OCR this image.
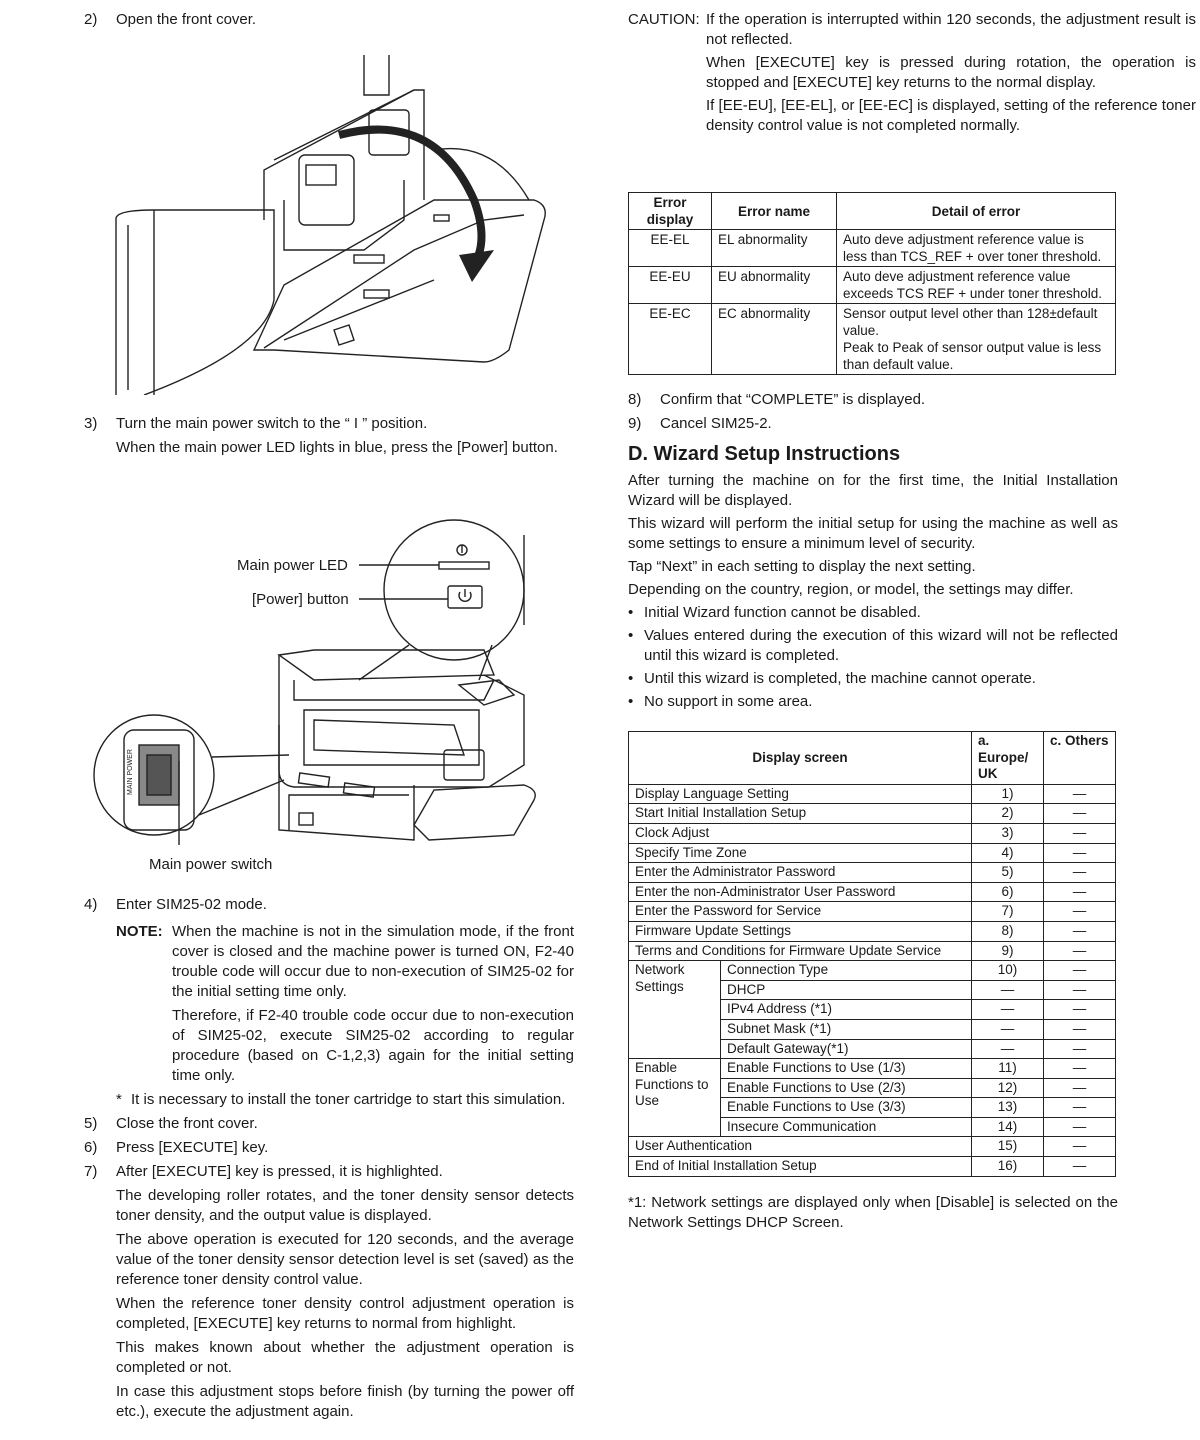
2) Open the front cover.
3) Turn the main power switch to the “ I ” position.
When the main power LED lights in blue, press the [Power] button.
MAIN POWER
Main power LED
[Power] button
Main power switch
4) Enter SIM25-02 mode.
NOTE: When the machine is not in the simulation mode, if the front cover is closed and the machine power is turned ON, F2-40 trouble code will occur due to non-execution of SIM25-02 for the initial setting time only.
Therefore, if F2-40 trouble code occur due to non-execution of SIM25-02, execute SIM25-02 according to regular procedure (based on C-1,2,3) again for the initial setting time only.
* It is necessary to install the toner cartridge to start this simulation.
5) Close the front cover.
6) Press [EXECUTE] key.
7) After [EXECUTE] key is pressed, it is highlighted.
The developing roller rotates, and the toner density sensor detects toner density, and the output value is displayed.
The above operation is executed for 120 seconds, and the average value of the toner density sensor detection level is set (saved) as the reference toner density control value.
When the reference toner density control adjustment operation is completed, [EXECUTE] key returns to normal from highlight.
This makes known about whether the adjustment operation is completed or not.
In case this adjustment stops before finish (by turning the power off etc.), execute the adjustment again.
CAUTION: If the operation is interrupted within 120 seconds, the adjustment result is not reflected.

When [EXECUTE] key is pressed during rotation, the operation is stopped and [EXECUTE] key returns to the normal display.

If [EE-EU], [EE-EL], or [EE-EC] is displayed, setting of the reference toner density control value is not completed normally.

Error display	Error name	Detail of error
EE-EL	EL abnormality	Auto deve adjustment reference value is less than TCS_REF + over toner threshold.
EE-EU	EU abnormality	Auto deve adjustment reference value exceeds TCS REF + under toner threshold.
EE-EC	EC abnormality	Sensor output level other than 128±default value.
Peak to Peak of sensor output value is less than default value.
8) Confirm that “COMPLETE” is displayed.
9) Cancel SIM25-2.
D. Wizard Setup Instructions
After turning the machine on for the first time, the Initial Installation Wizard will be displayed.
This wizard will perform the initial setup for using the machine as well as some settings to ensure a minimum level of security.
Tap “Next” in each setting to display the next setting.
Depending on the country, region, or model, the settings may differ.
• Initial Wizard function cannot be disabled.
• Values entered during the execution of this wizard will not be reflected until this wizard is completed.
• Until this wizard is completed, the machine cannot operate.
• No support in some area.
Display screen		a. Europe/ UK	c. Others
Display Language Setting		1)	—
Start Initial Installation Setup		2)	—
Clock Adjust		3)	—
Specify Time Zone		4)	—
Enter the Administrator Password		5)	—
Enter the non-Administrator User Password		6)	—
Enter the Password for Service		7)	—
Firmware Update Settings		8)	—
Terms and Conditions for Firmware Update Service		9)	—
Network Settings	Connection Type	10)	—
	DHCP	—	—
	IPv4 Address (*1)	—	—
	Subnet Mask (*1)	—	—
	Default Gateway(*1)	—	—
Enable Functions to Use	Enable Functions to Use (1/3)	11)	—
	Enable Functions to Use (2/3)	12)	—
	Enable Functions to Use (3/3)	13)	—
	Insecure Communication	14)	—
User Authentication		15)	—
End of Initial Installation Setup		16)	—
*1: Network settings are displayed only when [Disable] is selected on the Network Settings DHCP Screen.
